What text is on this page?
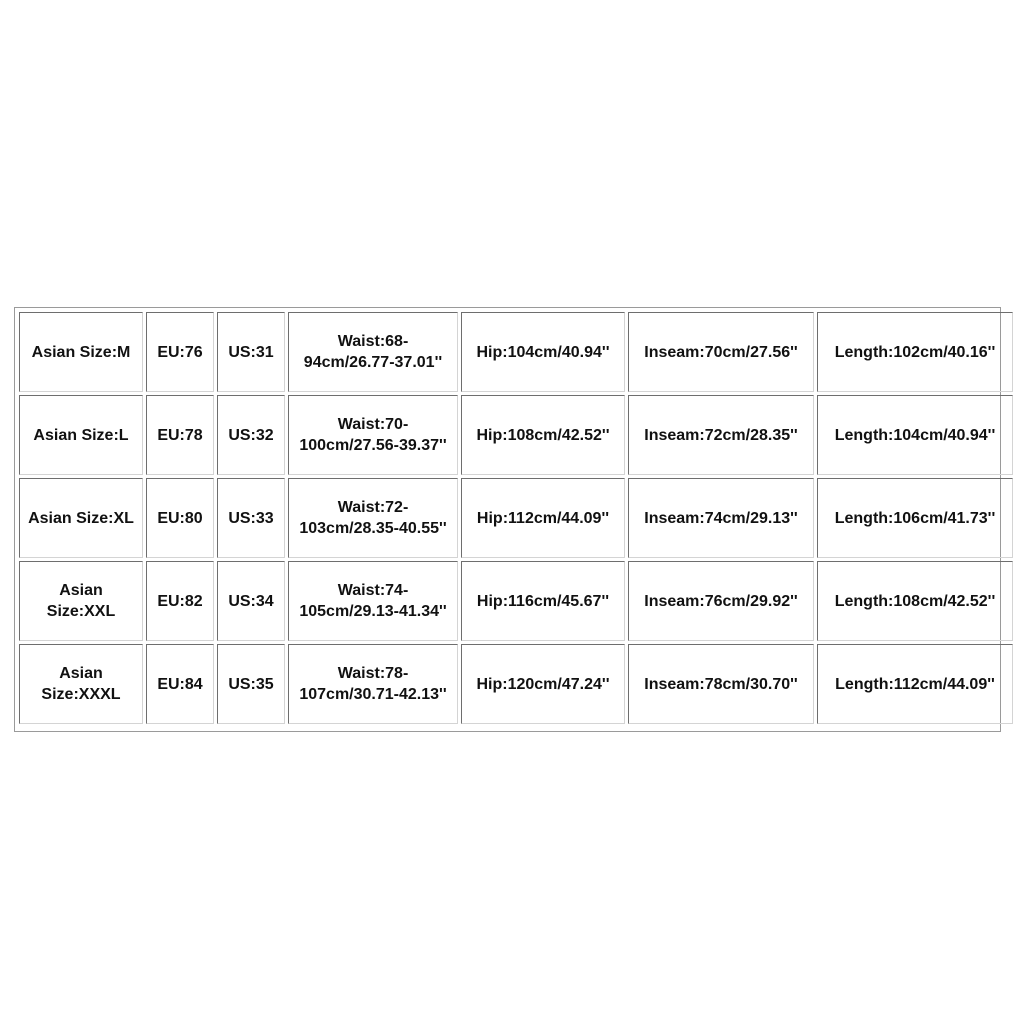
Asian Size:M	EU:76	US:31	Waist:68-94cm/26.77-37.01''	Hip:104cm/40.94''	Inseam:70cm/27.56''	Length:102cm/40.16''
Asian Size:L	EU:78	US:32	Waist:70-100cm/27.56-39.37''	Hip:108cm/42.52''	Inseam:72cm/28.35''	Length:104cm/40.94''
Asian Size:XL	EU:80	US:33	Waist:72-103cm/28.35-40.55''	Hip:112cm/44.09''	Inseam:74cm/29.13''	Length:106cm/41.73''
Asian Size:XXL	EU:82	US:34	Waist:74-105cm/29.13-41.34''	Hip:116cm/45.67''	Inseam:76cm/29.92''	Length:108cm/42.52''
Asian Size:XXXL	EU:84	US:35	Waist:78-107cm/30.71-42.13''	Hip:120cm/47.24''	Inseam:78cm/30.70''	Length:112cm/44.09''
